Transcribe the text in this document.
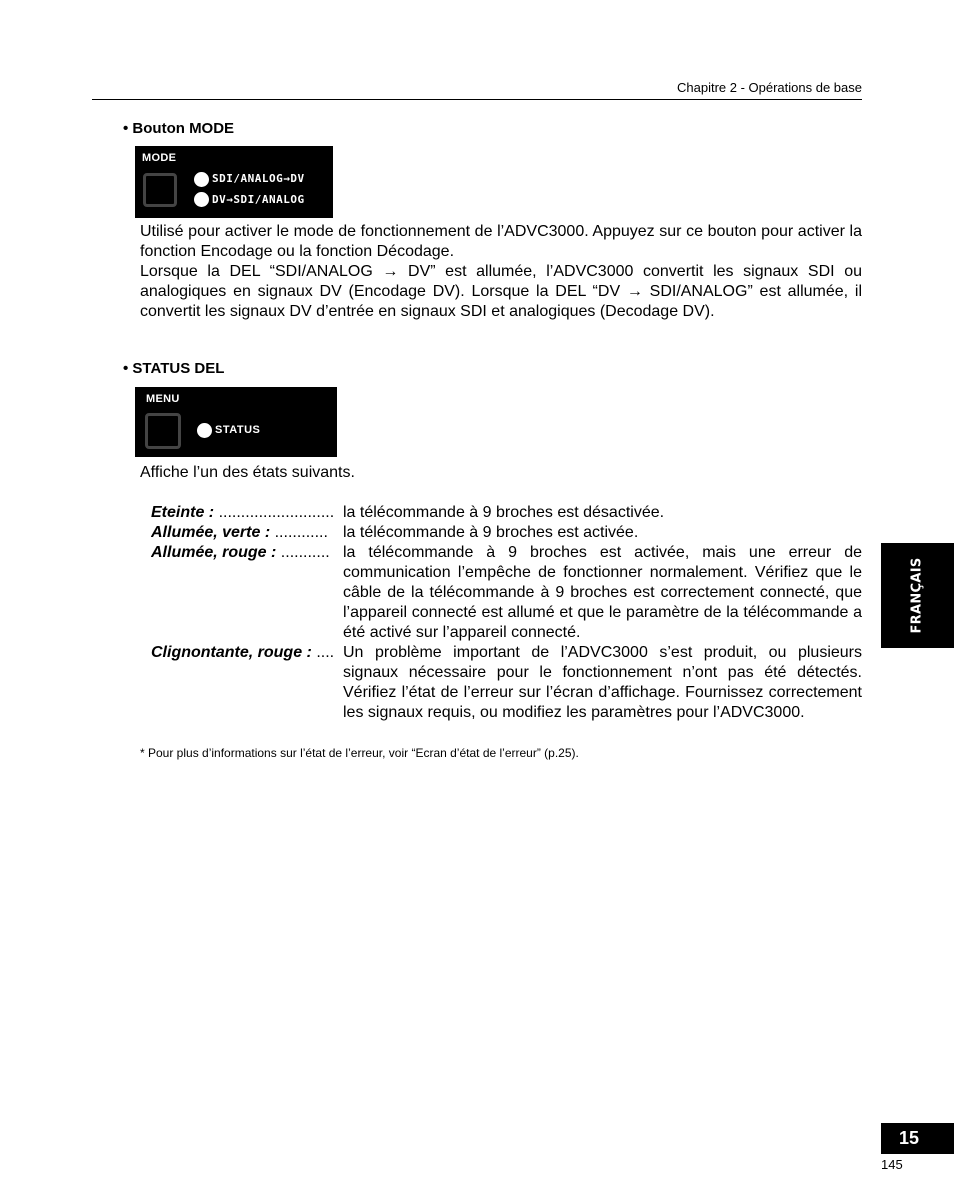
Chapitre 2 - Opérations de base
• Bouton MODE
MODE
SDI/ANALOG→DV
DV→SDI/ANALOG

Utilisé pour activer le mode de fonctionnement de l’ADVC3000. Appuyez sur ce bouton pour activer la fonction Encodage ou la fonction Décodage.

Lorsque la DEL “SDI/ANALOG → DV” est allumée, l’ADVC3000 convertit les signaux SDI ou analogiques en signaux DV (Encodage DV). Lorsque la DEL “DV → SDI/ANALOG” est allumée, il convertit les signaux DV d’entrée en signaux SDI et analogiques (Decodage DV).

• STATUS DEL
MENU
STATUS
Affiche l’un des états suivants.
Eteinte : .......................... la télécommande à 9 broches est désactivée.
Allumée, verte : ............ la télécommande à 9 broches est activée.
Allumée, rouge : ........... la télécommande à 9 broches est activée, mais une erreur de communication l’empêche de fonctionner normalement. Vérifiez que le câble de la télécommande à 9 broches est correctement connecté, que l’appareil connecté est allumé et que le paramètre de la télécommande a été activé sur l’appareil connecté.
Clignontante, rouge : .... Un problème important de l’ADVC3000 s’est produit, ou plusieurs signaux nécessaire pour le fonctionnement n’ont pas été détectés. Vérifiez l’état de l’erreur sur l’écran d’affichage. Fournissez correctement les signaux requis, ou modifiez les paramètres pour l’ADVC3000.
* Pour plus d’informations sur l’état de l’erreur, voir “Ecran d’état de l’erreur” (p.25).
FRANÇAIS
15
145
